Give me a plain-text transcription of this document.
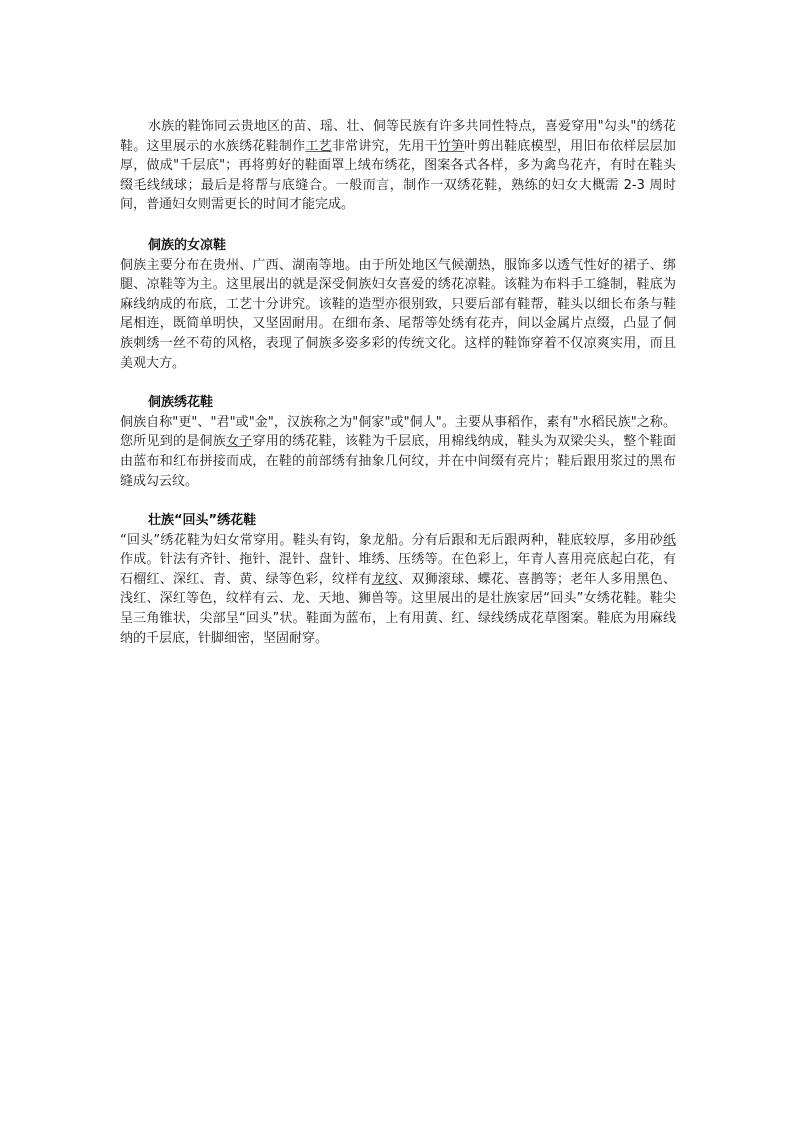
水族的鞋饰同云贵地区的苗、瑶、壮、侗等民族有许多共同性特点，喜爱穿用"勾头"的绣花鞋。这里展示的水族绣花鞋制作工艺非常讲究，先用干竹笋叶剪出鞋底模型，用旧布依样层层加厚，做成"千层底"；再将剪好的鞋面罩上绒布绣花，图案各式各样，多为禽鸟花卉，有时在鞋头缀毛线绒球；最后是将帮与底缝合。一般而言，制作一双绣花鞋，熟练的妇女大概需 2-3 周时间，普通妇女则需更长的时间才能完成。

侗族的女凉鞋

侗族主要分布在贵州、广西、湖南等地。由于所处地区气候潮热，服饰多以透气性好的裙子、绑腿、凉鞋等为主。这里展出的就是深受侗族妇女喜爱的绣花凉鞋。该鞋为布料手工缝制，鞋底为麻线纳成的布底，工艺十分讲究。该鞋的造型亦很别致，只要后部有鞋帮，鞋头以细长布条与鞋尾相连，既简单明快，又坚固耐用。在细布条、尾帮等处绣有花卉，间以金属片点缀，凸显了侗族刺绣一丝不苟的风格，表现了侗族多姿多彩的传统文化。这样的鞋饰穿着不仅凉爽实用，而且美观大方。

侗族绣花鞋

侗族自称"更"、"君"或"金"，汉族称之为"侗家"或"侗人"。主要从事稻作，素有"水稻民族"之称。您所见到的是侗族女子穿用的绣花鞋，该鞋为千层底，用棉线纳成，鞋头为双梁尖头，整个鞋面由蓝布和红布拼接而成，在鞋的前部绣有抽象几何纹，并在中间缀有亮片；鞋后跟用浆过的黑布缝成勾云纹。

壮族“回头”绣花鞋

“回头”绣花鞋为妇女常穿用。鞋头有钩，象龙船。分有后跟和无后跟两种，鞋底较厚，多用砂纸作成。针法有齐针、拖针、混针、盘针、堆绣、压绣等。在色彩上，年青人喜用亮底起白花，有石榴红、深红、青、黄、绿等色彩，纹样有龙纹、双狮滚球、蝶花、喜鹊等；老年人多用黑色、浅红、深红等色，纹样有云、龙、天地、狮兽等。这里展出的是壮族家居“回头”女绣花鞋。鞋尖呈三角锥状，尖部呈“回头”状。鞋面为蓝布，上有用黄、红、绿线绣成花草图案。鞋底为用麻线纳的千层底，针脚细密，坚固耐穿。
